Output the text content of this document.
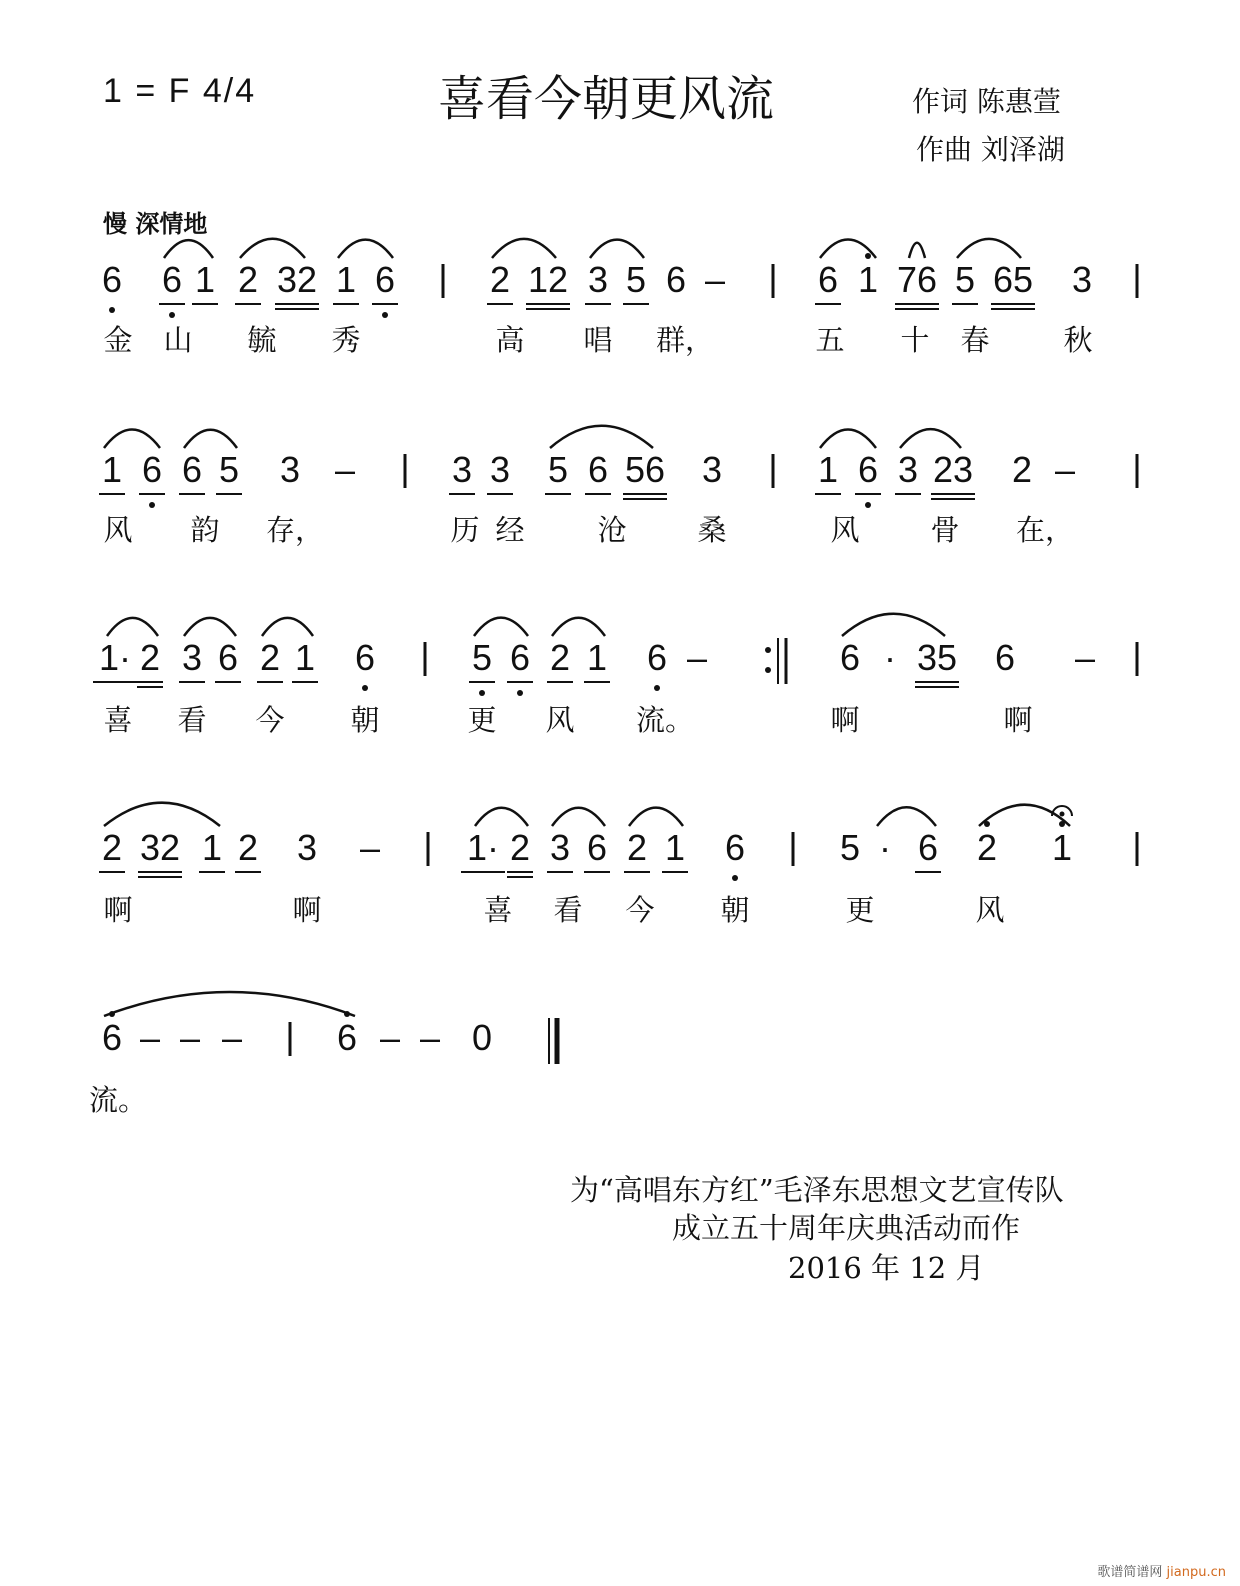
1 = F 4/4	喜看今朝更风流	作词 陈惠萱
作曲 刘泽湖
慢 深情地
6 6 1 2 32 1 6	2 12 3 5 6 –	6 1 76 5 65 3
金 山 毓 秀	高 唱 群，	五 十 春	秋
1 6 6 5 3 –	3 3 5 6 56 3	1 6 3 23 2 –
风 韵 存，	历 经	沧 桑	风 骨 在，
1· 2 3 6 2 1 6	5 6 2 1 6 –	6 · 35 6 –
喜 看 今 朝	更 风 流。	啊	啊
2 32 1 2 3 – 1· 2 3 6 2 1 6	5 · 6 2 1
啊	啊	喜 看 今 朝	更	风
6 – – –	6 – – 0
流。
为“高唱东方红”毛泽东思想文艺宣传队
成立五十周年庆典活动而作
2016 年 12 月
歌谱简谱网 jianpu.cn
